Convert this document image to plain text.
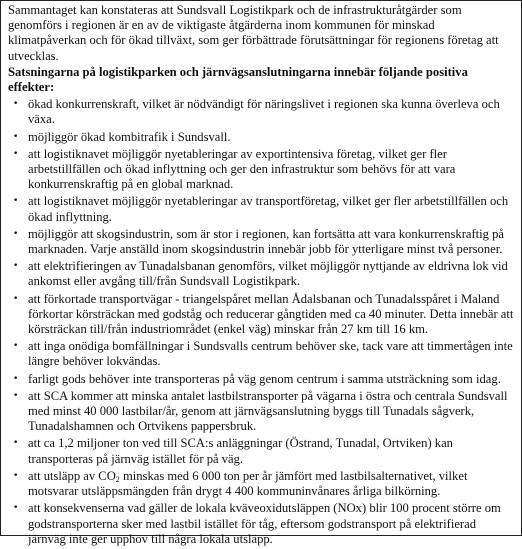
Sammantaget kan konstateras att Sundsvall Logistikpark och de infrastrukturåtgärder som genomförs i regionen är en av de viktigaste åtgärderna inom kommunen för minskad klimatpåverkan och för ökad tillväxt, som ger förbättrade förutsättningar för regionens företag att utvecklas.

Satsningarna på logistikparken och järnvägsanslutningarna innebär följande positiva effekter:
• ökad konkurrenskraft, vilket är nödvändigt för näringslivet i regionen ska kunna överleva och växa.
• möjliggör ökad kombitrafik i Sundsvall.
• att logistiknavet möjliggör nyetableringar av exportintensiva företag, vilket ger fler arbetstillfällen och ökad inflyttning och ger den infrastruktur som behövs för att vara konkurrenskraftig på en global marknad.
• att logistiknavet möjliggör nyetableringar av transportföretag, vilket ger fler arbetstillfällen och ökad inflyttning.
• möjliggör att skogsindustrin, som är stor i regionen, kan fortsätta att vara konkurrenskraftig på marknaden. Varje anställd inom skogsindustrin innebär jobb för ytterligare minst två personer.
• att elektrifieringen av Tunadalsbanan genomförs, vilket möjliggör nyttjande av eldrivna lok vid ankomst eller avgång till/från Sundsvall Logistikpark.
• att förkortade transportvägar - triangelspåret mellan Ådalsbanan och Tunadalsspåret i Maland förkortar körsträckan med godståg och reducerar gångtiden med ca 40 minuter. Detta innebär att körsträckan till/från industriområdet (enkel väg) minskar från 27 km till 16 km.
• att inga onödiga bomfällningar i Sundsvalls centrum behöver ske, tack vare att timmertågen inte längre behöver lokvändas.
• farligt gods behöver inte transporteras på väg genom centrum i samma utsträckning som idag.
• att SCA kommer att minska antalet lastbilstransporter på vägarna i östra och centrala Sundsvall med minst 40 000 lastbilar/år, genom att järnvägsanslutning byggs till Tunadals sågverk, Tunadalshamnen och Ortvikens pappersbruk.
• att ca 1,2 miljoner ton ved till SCA:s anläggningar (Östrand, Tunadal, Ortviken) kan transporteras på järnväg istället för på väg.
• att utsläpp av $CO_2$ minskas med 6 000 ton per år jämfört med lastbilsalternativet, vilket motsvarar utsläppsmängden från drygt 4 400 kommuninvånares årliga bilkörning.
• att konsekvenserna vad gäller de lokala kväveoxidutsläppen (NOx) blir 100 procent större om godstransporterna sker med lastbil istället för tåg, eftersom godstransport på elektrifierad järnväg inte ger upphov till några lokala utsläpp.
